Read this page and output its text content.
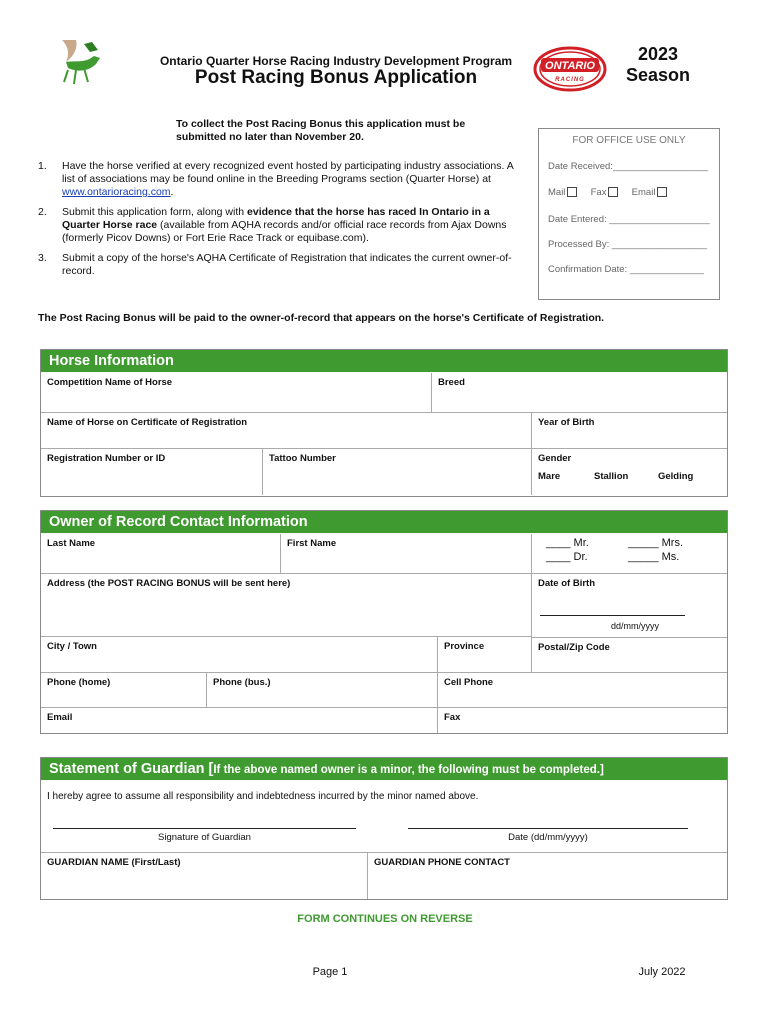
Ontario Quarter Horse Racing Industry Development Program
Post Racing Bonus Application
ONTARIO
RACING
2023
Season
To collect the Post Racing Bonus this application must be submitted no later than November 20.
1. Have the horse verified at every recognized event hosted by participating industry associations. A list of associations may be found online in the Breeding Programs section (Quarter Horse) at www.ontarioracing.com.
2. Submit this application form, along with evidence that the horse has raced In Ontario in a Quarter Horse race (available from AQHA records and/or official race records from Ajax Downs (formerly Picov Downs) or Fort Erie Race Track or equibase.com).
3. Submit a copy of the horse's AQHA Certificate of Registration that indicates the current owner-of-record.
FOR OFFICE USE ONLY
Date Received:__________________
Mail	Fax	Email
Date Entered: ___________________
Processed By: __________________
Confirmation Date: ______________
The Post Racing Bonus will be paid to the owner-of-record that appears on the horse's Certificate of Registration.
Horse Information
Competition Name of Horse	Breed
Name of Horse on Certificate of Registration	Year of Birth
Registration Number or ID	Tattoo Number	Gender
Mare	Stallion	Gelding
Owner of Record Contact Information
Last Name	First Name	____ Mr.	_____ Mrs.
____ Dr.	_____ Ms.
Address (the POST RACING BONUS will be sent here)	Date of Birth
dd/mm/yyyy
City / Town	Province	Postal/Zip Code
Phone (home)	Phone (bus.)	Cell Phone
Email	Fax
Statement of Guardian [If the above named owner is a minor, the following must be completed.]
I hereby agree to assume all responsibility and indebtedness incurred by the minor named above.
Signature of Guardian	Date (dd/mm/yyyy)
GUARDIAN NAME (First/Last)	GUARDIAN PHONE CONTACT
FORM CONTINUES ON REVERSE
Page 1	July 2022
